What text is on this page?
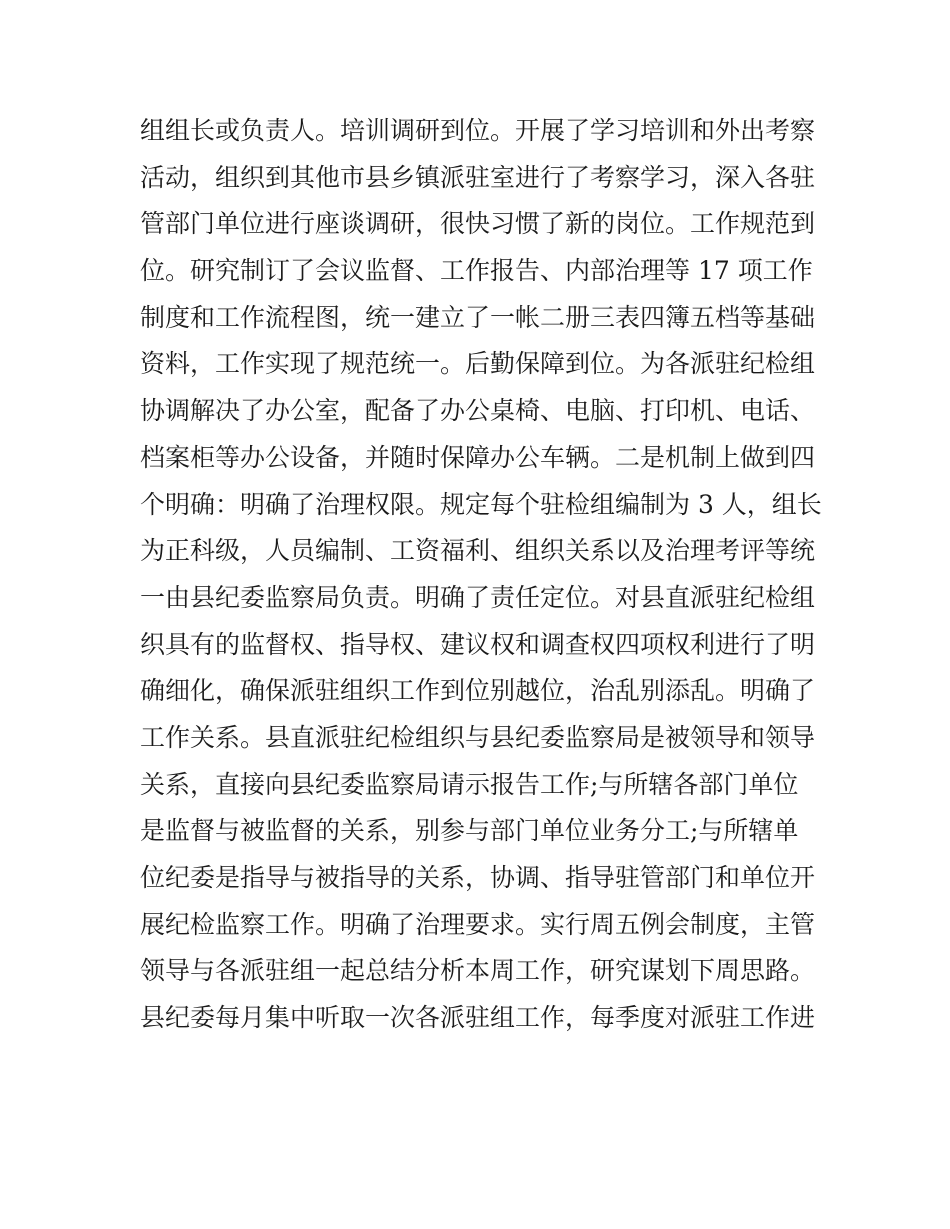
组组长或负责人。培训调研到位。开展了学习培训和外出考察
活动，组织到其他市县乡镇派驻室进行了考察学习，深入各驻
管部门单位进行座谈调研，很快习惯了新的岗位。工作规范到
位。研究制订了会议监督、工作报告、内部治理等 17 项工作
制度和工作流程图，统一建立了一帐二册三表四簿五档等基础
资料，工作实现了规范统一。后勤保障到位。为各派驻纪检组
协调解决了办公室，配备了办公桌椅、电脑、打印机、电话、
档案柜等办公设备，并随时保障办公车辆。二是机制上做到四
个明确：明确了治理权限。规定每个驻检组编制为 3 人，组长
为正科级，人员编制、工资福利、组织关系以及治理考评等统
一由县纪委监察局负责。明确了责任定位。对县直派驻纪检组
织具有的监督权、指导权、建议权和调查权四项权利进行了明
确细化，确保派驻组织工作到位别越位，治乱别添乱。明确了
工作关系。县直派驻纪检组织与县纪委监察局是被领导和领导
关系，直接向县纪委监察局请示报告工作;与所辖各部门单位
是监督与被监督的关系，别参与部门单位业务分工;与所辖单
位纪委是指导与被指导的关系，协调、指导驻管部门和单位开
展纪检监察工作。明确了治理要求。实行周五例会制度，主管
领导与各派驻组一起总结分析本周工作，研究谋划下周思路。
县纪委每月集中听取一次各派驻组工作，每季度对派驻工作进
